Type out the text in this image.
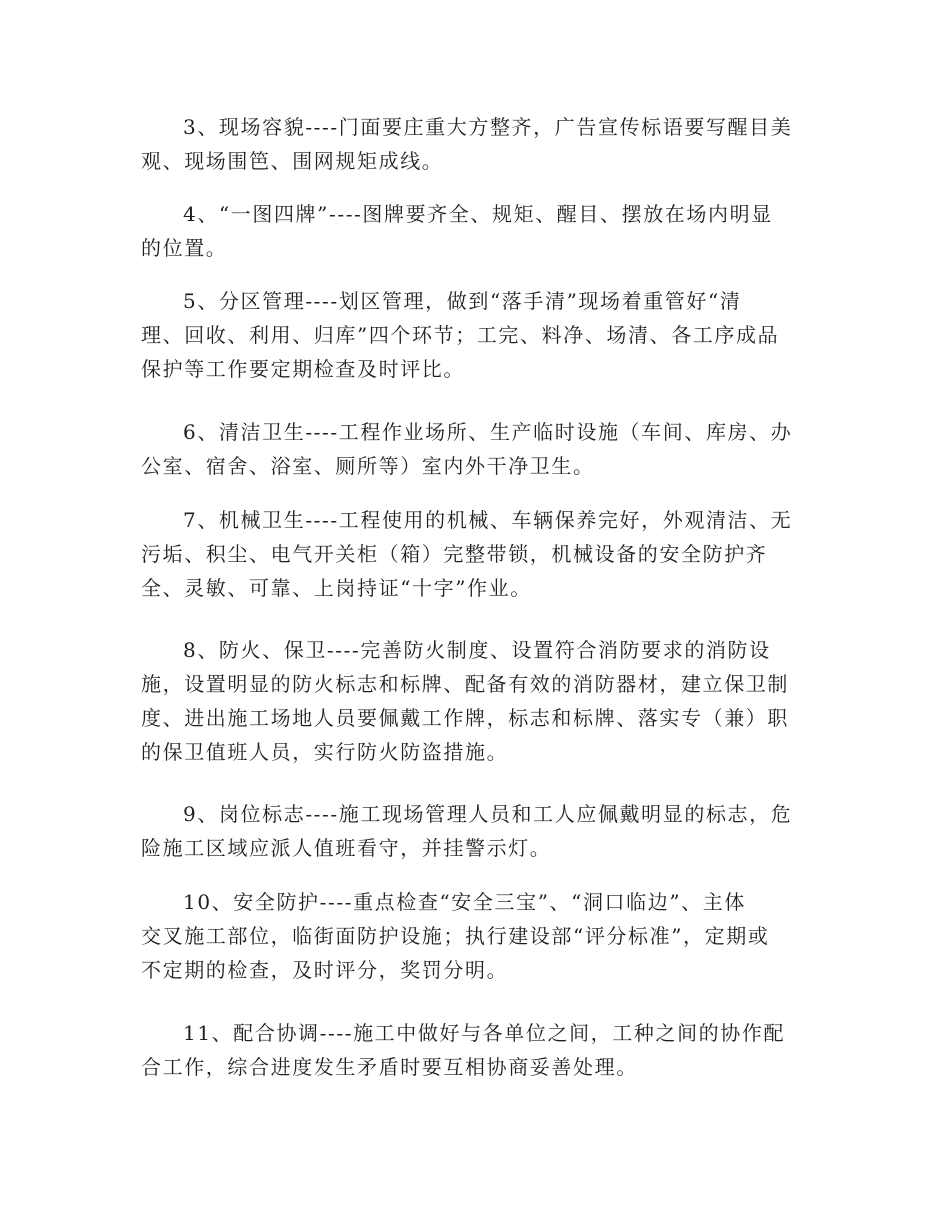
3、现场容貌----门面要庄重大方整齐，广告宣传标语要写醒目美
观、现场围笆、围网规矩成线。
4、“一图四牌”----图牌要齐全、规矩、醒目、摆放在场内明显
的位置。
5、分区管理----划区管理，做到“落手清”现场着重管好“清
理、回收、利用、归库”四个环节；工完、料净、场清、各工序成品
保护等工作要定期检查及时评比。
6、清洁卫生----工程作业场所、生产临时设施（车间、库房、办
公室、宿舍、浴室、厕所等）室内外干净卫生。
7、机械卫生----工程使用的机械、车辆保养完好，外观清洁、无
污垢、积尘、电气开关柜（箱）完整带锁，机械设备的安全防护齐
全、灵敏、可靠、上岗持证“十字”作业。
8、防火、保卫----完善防火制度、设置符合消防要求的消防设
施，设置明显的防火标志和标牌、配备有效的消防器材，建立保卫制
度、进出施工场地人员要佩戴工作牌，标志和标牌、落实专（兼）职
的保卫值班人员，实行防火防盗措施。
9、岗位标志----施工现场管理人员和工人应佩戴明显的标志，危
险施工区域应派人值班看守，并挂警示灯。
10、安全防护----重点检查“安全三宝”、“洞口临边”、主体
交叉施工部位，临街面防护设施；执行建设部“评分标准”，定期或
不定期的检查，及时评分，奖罚分明。
11、配合协调----施工中做好与各单位之间，工种之间的协作配
合工作，综合进度发生矛盾时要互相协商妥善处理。
